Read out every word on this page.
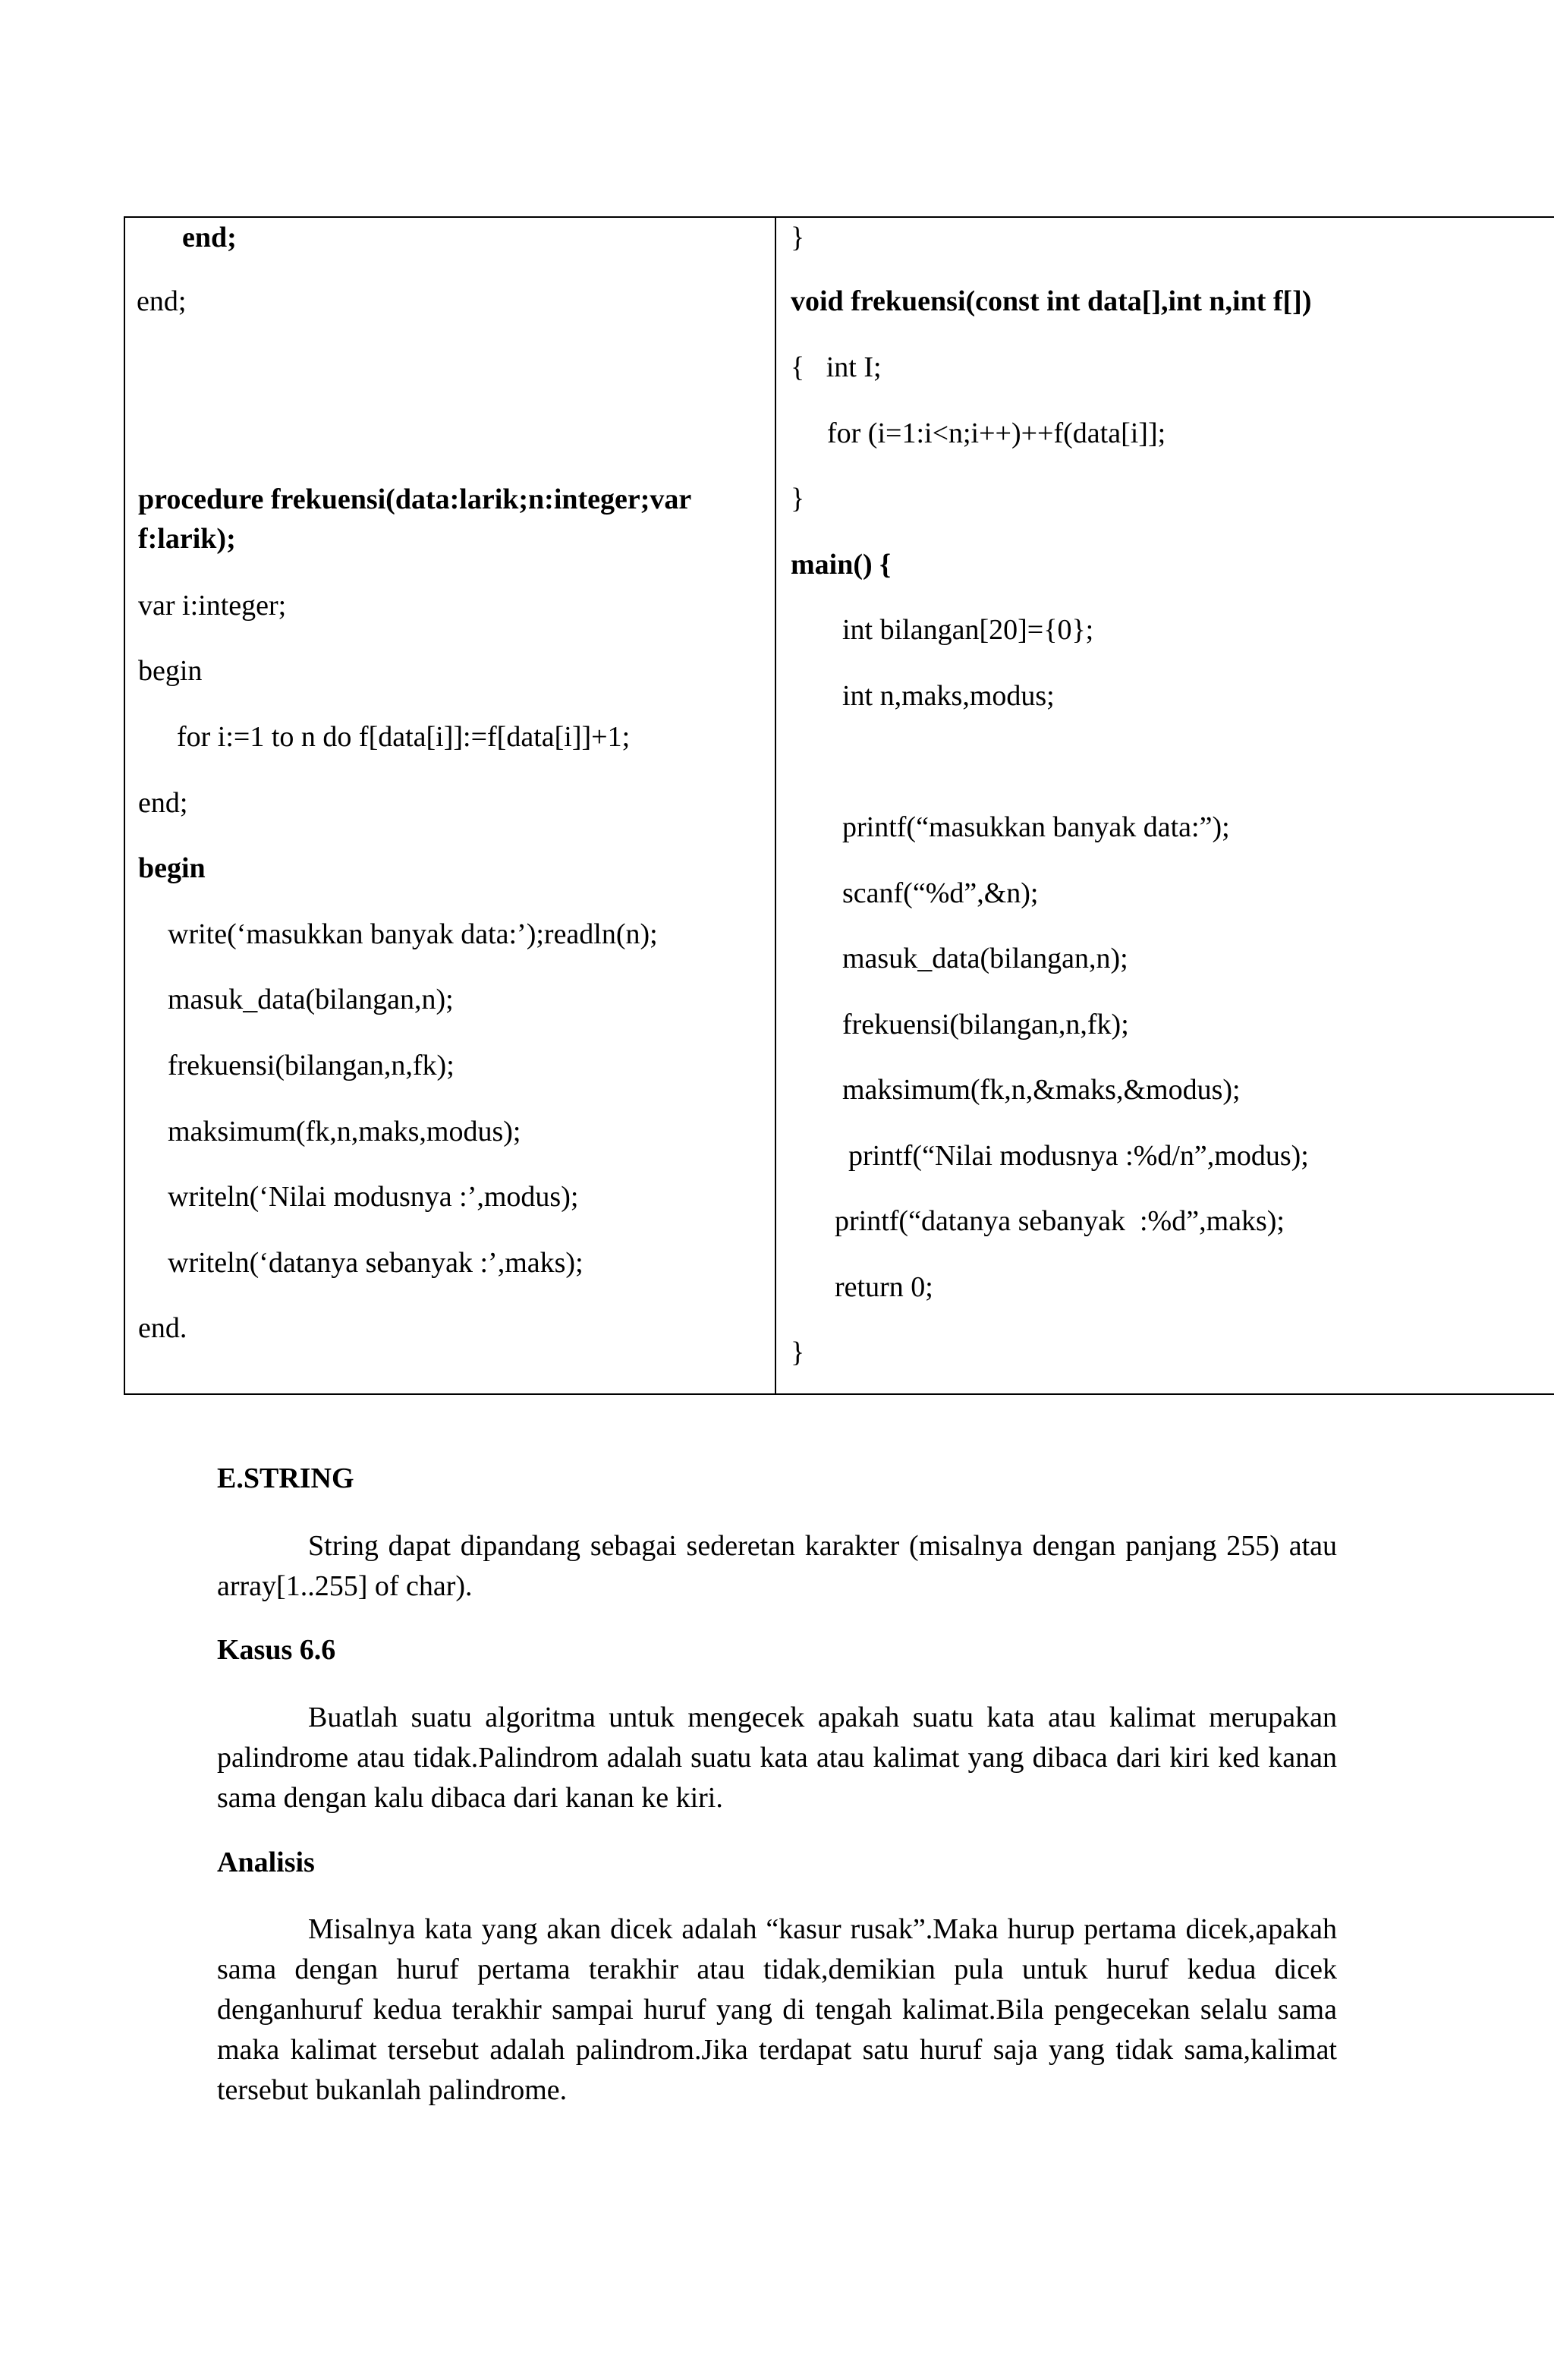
end;
end;
procedure frekuensi(data:larik;n:integer;var
f:larik);
var i:integer;
begin
for i:=1 to n do f[data[i]]:=f[data[i]]+1;
end;
begin
write(‘masukkan banyak data:’);readln(n);
masuk_data(bilangan,n);
frekuensi(bilangan,n,fk);
maksimum(fk,n,maks,modus);
writeln(‘Nilai modusnya :’,modus);
writeln(‘datanya sebanyak :’,maks);
end.
}
void frekuensi(const int data[],int n,int f[])
{   int I;
for (i=1:i<n;i++)++f(data[i]];
}
main() {
int bilangan[20]={0};
int n,maks,modus;
printf(“masukkan banyak data:”);
scanf(“%d”,&n);
masuk_data(bilangan,n);
frekuensi(bilangan,n,fk);
maksimum(fk,n,&maks,&modus);
printf(“Nilai modusnya :%d/n”,modus);
printf(“datanya sebanyak  :%d”,maks);
return 0;
}
E.STRING
String dapat dipandang sebagai sederetan karakter (misalnya dengan panjang 255) atau array[1..255] of char).
Kasus 6.6
Buatlah suatu algoritma untuk mengecek apakah suatu kata atau kalimat merupakan palindrome atau tidak.Palindrom adalah suatu kata atau kalimat yang dibaca dari kiri ked kanan sama dengan kalu dibaca dari kanan ke kiri.
Analisis
Misalnya kata yang akan dicek adalah “kasur rusak”.Maka hurup pertama dicek,apakah sama dengan huruf pertama terakhir atau tidak,demikian pula untuk huruf kedua dicek denganhuruf kedua terakhir sampai huruf yang di tengah kalimat.Bila pengecekan selalu sama maka kalimat tersebut adalah palindrom.Jika terdapat satu huruf saja yang tidak sama,kalimat tersebut bukanlah palindrome.
